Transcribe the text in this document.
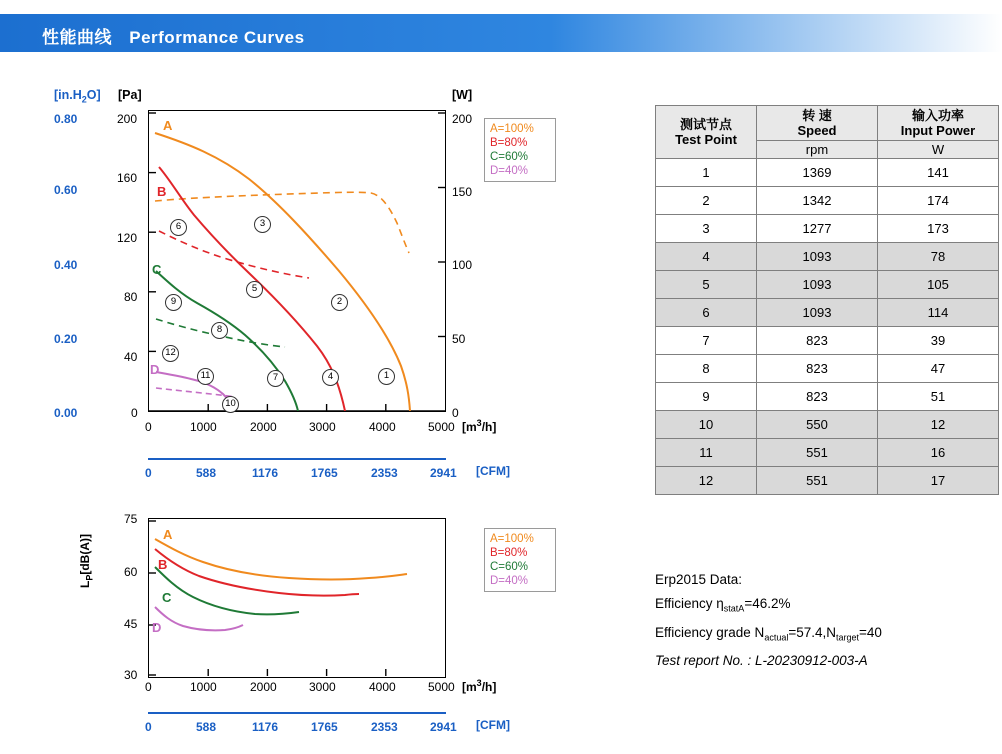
性能曲线 Performance Curves
$[in.H_2O]$ [Pa]	[W]
0.80
0.60
0.40
0.20
0.00
200
160
120
80
40
0
200
150
100
50
0
0	1000	2000	3000	4000	5000 $[m^3/h]$
0	588	1176	1765	2353	2941 [CFM]
A
B
C
D
A=100%
B=80%
C=60%
D=40%
1
2
3
4
5
6
7
8
9
10
11
12
75
60
45
30
$L_P[dB(A)]$	A
B
C
D
0	1000	2000	3000	4000	5000 $[m^3/h]$
0	588	1176	1765	2353	2941 [CFM]
A=100%
B=80%
C=60%
D=40%
测试节点
Test Point

转 速
Speed

输入功率
Input Power

	rpm	W
1	1369	141
2	1342	174
3	1277	173
4	1093	78
5	1093	105
6	1093	114
7	823	39
8	823	47
9	823	51
10	550	12
11	551	16
12	551	17
Erp2015 Data:
Efficiency $\eta_{statA}=46.2\%$
Efficiency grade $N_{actual}=57.4,N_{target}=40$
Test report No. : L-20230912-003-A
